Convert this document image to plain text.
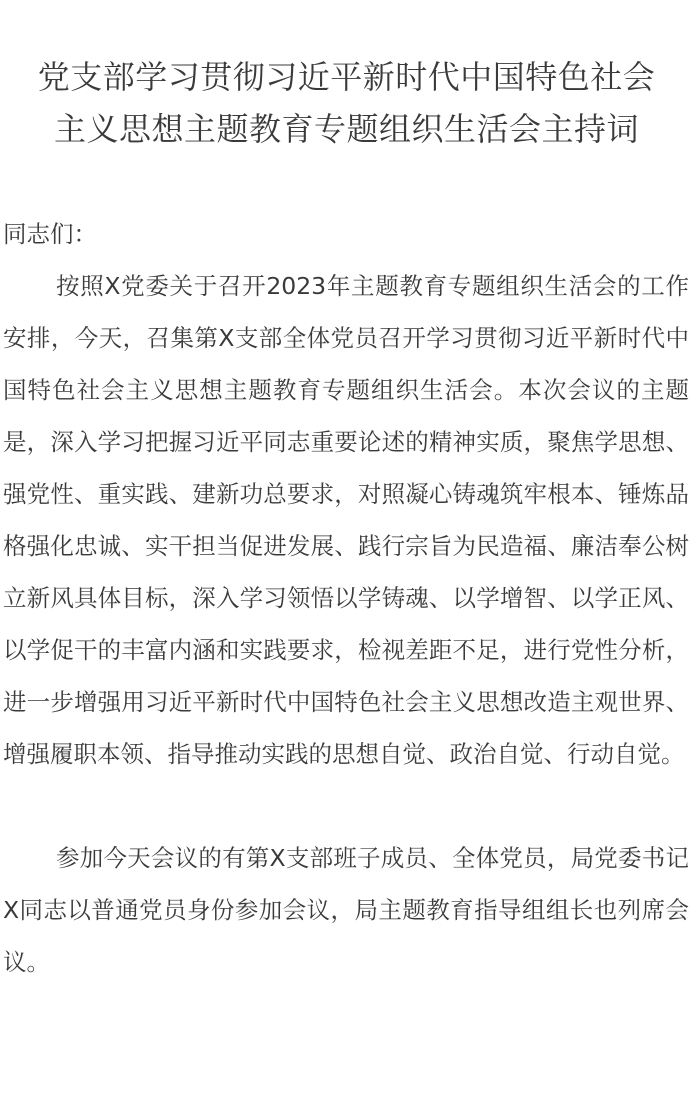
党支部学习贯彻习近平新时代中国特色社会
主义思想主题教育专题组织生活会主持词

同志们：

按照X党委关于召开2023年主题教育专题组织生活会的工作安排，今天，召集第X支部全体党员召开学习贯彻习近平新时代中国特色社会主义思想主题教育专题组织生活会。本次会议的主题是，深入学习把握习近平同志重要论述的精神实质，聚焦学思想、强党性、重实践、建新功总要求，对照凝心铸魂筑牢根本、锤炼品格强化忠诚、实干担当促进发展、践行宗旨为民造福、廉洁奉公树立新风具体目标，深入学习领悟以学铸魂、以学增智、以学正风、以学促干的丰富内涵和实践要求，检视差距不足，进行党性分析，进一步增强用习近平新时代中国特色社会主义思想改造主观世界、增强履职本领、指导推动实践的思想自觉、政治自觉、行动自觉。

参加今天会议的有第X支部班子成员、全体党员，局党委书记X同志以普通党员身份参加会议，局主题教育指导组组长也列席会议。
